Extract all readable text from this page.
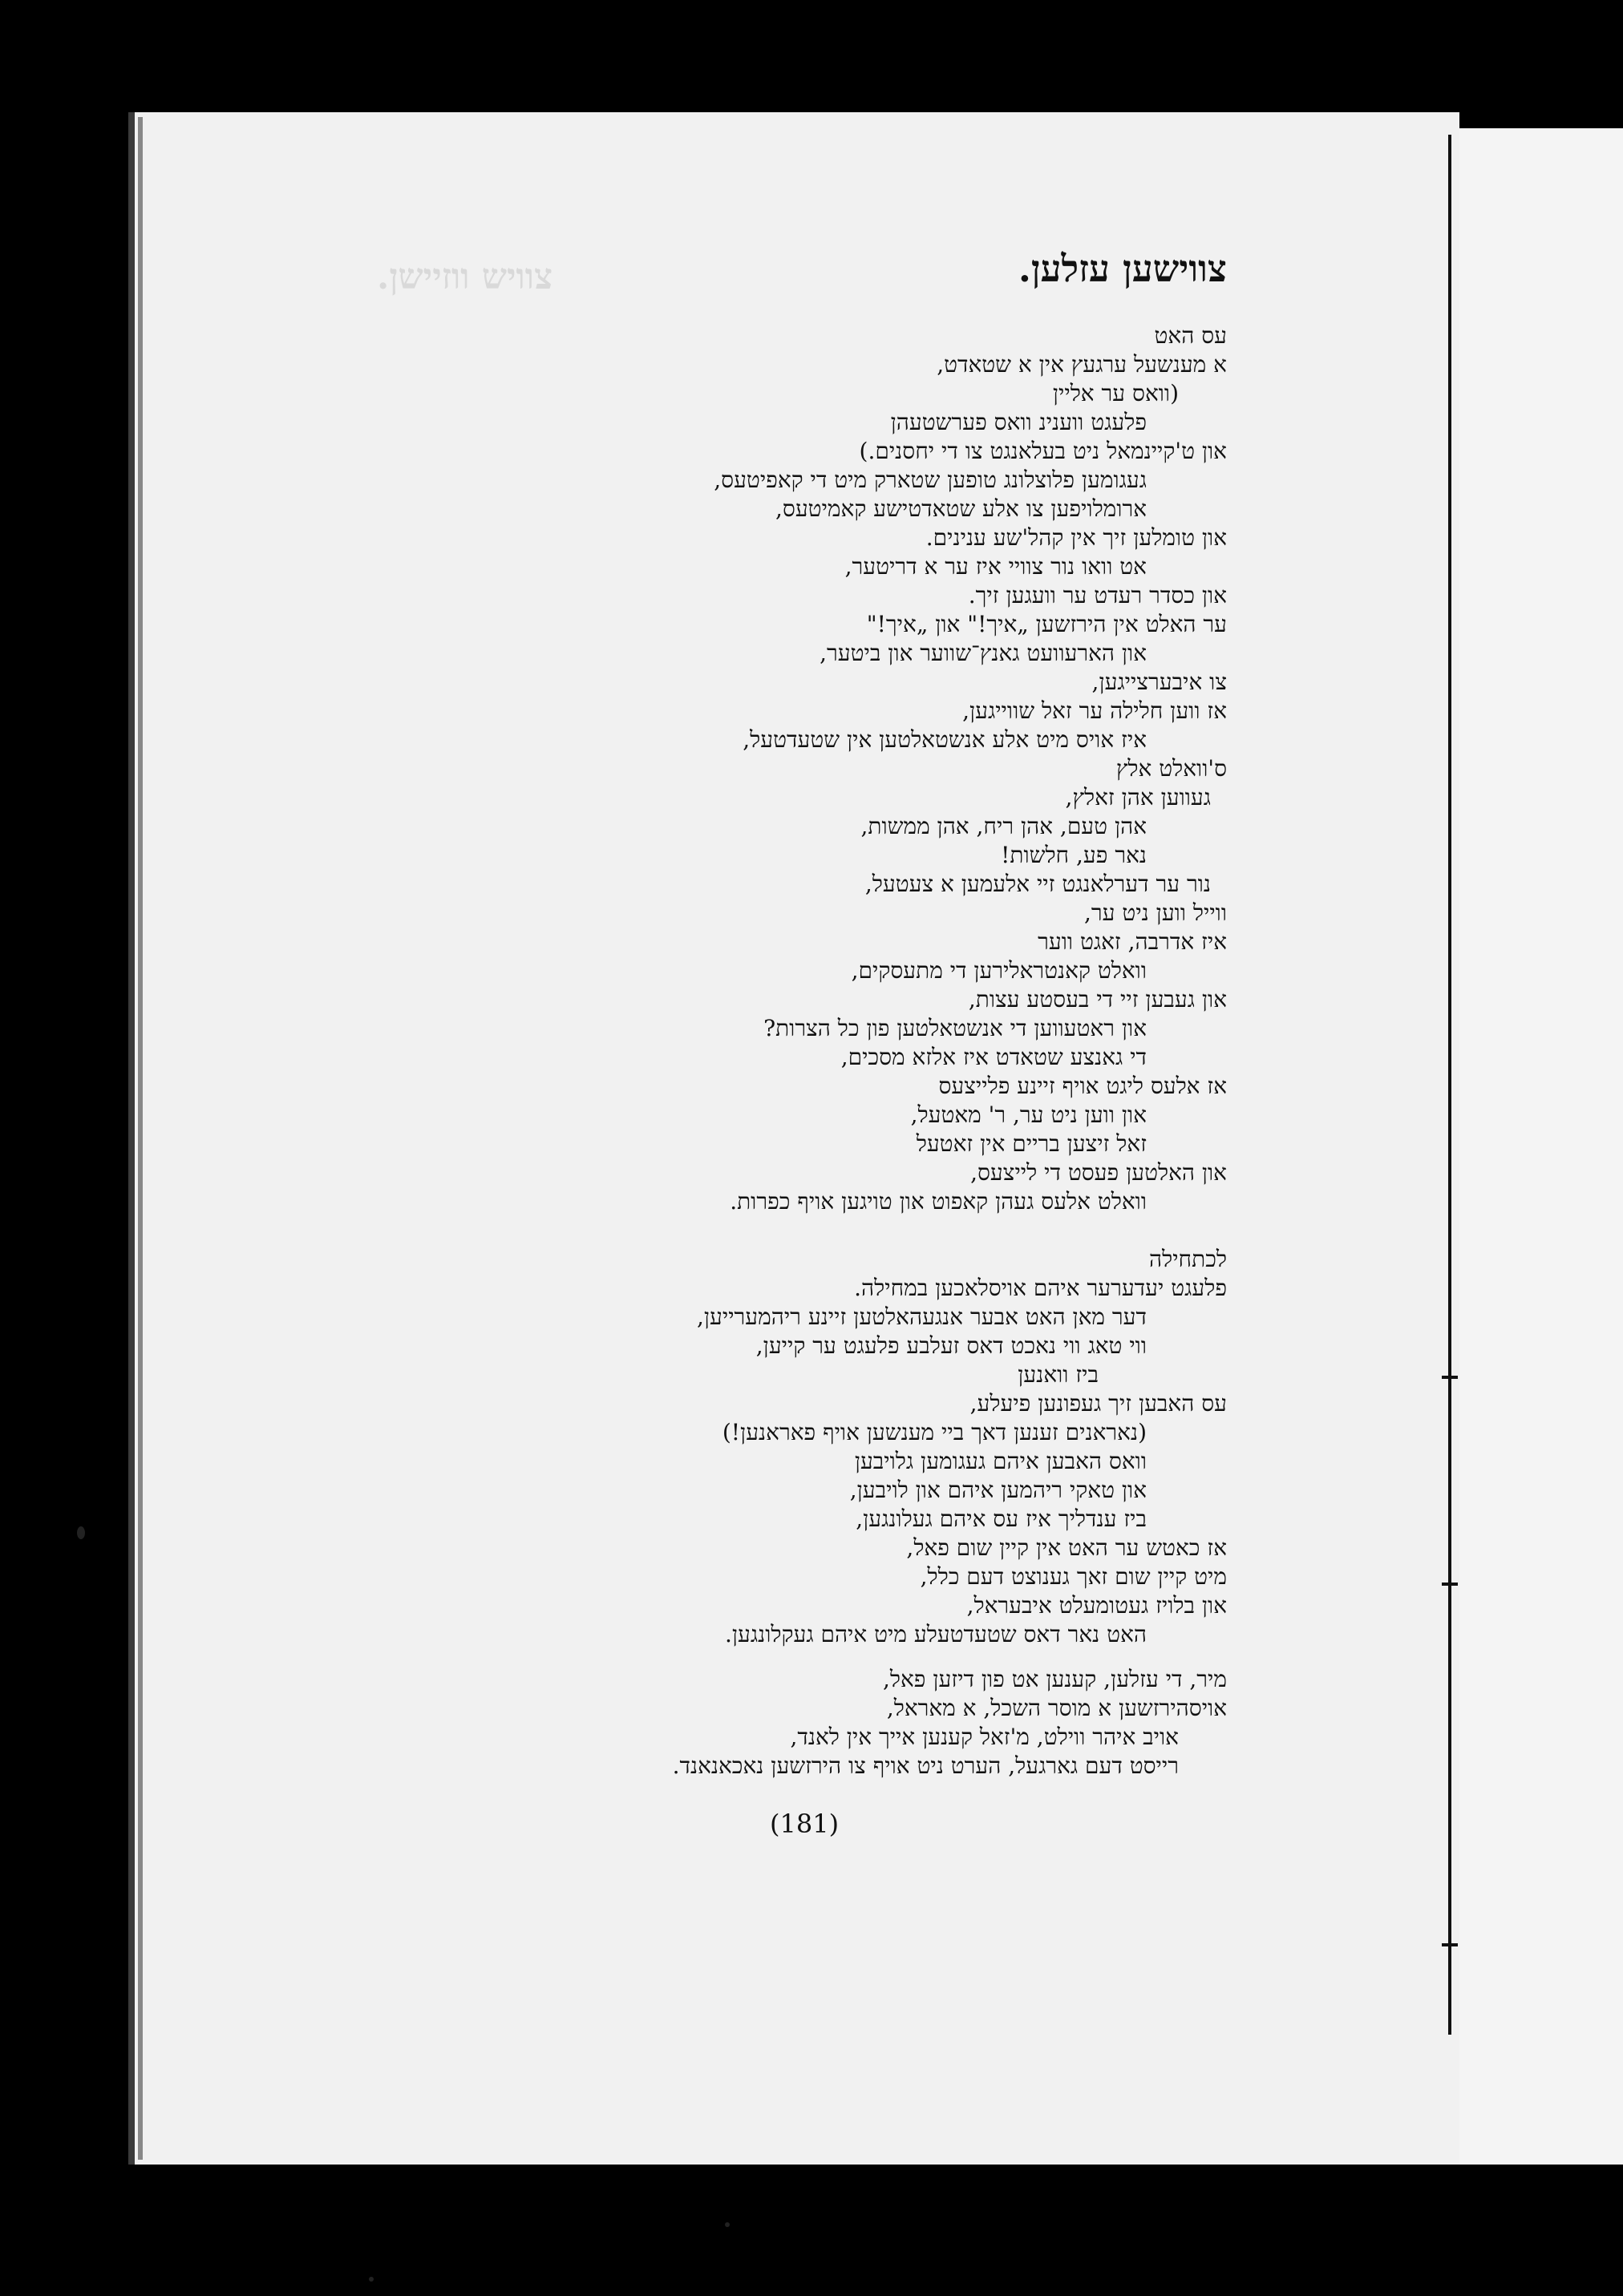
צוויש ווזיישן.	צווישען עזלען.
עס האט
א מענשעל ערגעץ אין א שטאדט,
(וואס ער אליין
פלעגט ווענינ וואס פערשטעהן
און ט'קיינמאל ניט בעלאנגט צו די יחסנים.)
געגומען פלוצלונג טופען שטארק מיט די קאפיטעס,
ארומלויפען צו אלע שטאדטישע קאמיטעס,
און טומלען זיך אין קהל'שע ענינים.
אט וואו נור צוויי איז ער א דריטער,
און כסדר רעדט ער וועגען זיך.
ער האלט אין הירזשען „איך!" און „איך!"
און הארעוועט גאנץ־שווער און ביטער,
צו איבערצייגען,
אז ווען חלילה ער זאל שווייגען,
איז אויס מיט אלע אנשטאלטען אין שטעדטעל,
ס'וואלט אלץ
געווען אהן זאלץ,
אהן טעם, אהן ריח, אהן ממשות,
נאר פע, חלשות!
נור ער דערלאנגט זיי אלעמען א צעטעל,
ווייל ווען ניט ער,
איז אדרבה, זאגט ווער
וואלט קאנטראלירען די מתעסקים,
און געבען זיי די בעסטע עצות,
און ראטעווען די אנשטאלטען פון כל הצרות?
די גאנצע שטאדט איז אלזא מסכים,
אז אלעס ליגט אויף זיינע פלייצעס
און ווען ניט ער, ר' מאטעל,
זאל זיצען בריים אין זאטעל
און האלטען פעסט די לייצעס,
וואלט אלעס געהן קאפוט און טויגען אויף כפרות.
לכתחילה
פלעגט יעדערער איהם אויסלאכען במחילה.
דער מאן האט אבער אנגעהאלטען זיינע ריהמערייען,
ווי טאג ווי נאכט דאס זעלבע פלעגט ער קייען,
ביז וואנען
עס האבען זיך געפונען פיעלע,
(נאראנים זענען דאך ביי מענשען אויף פאראנען!)
וואס האבען איהם געגומען גלויבען
און טאקי ריהמען איהם און לויבען,
ביז ענדליך איז עס איהם געלונגען,
אז כאטש ער האט אין קיין שום פאל,
מיט קיין שום זאך גענוצט דעם כלל,
און בלויז געטומעלט איבעראל,
האט נאר דאס שטעדטעלע מיט איהם געקלונגען.
מיר, די עזלען, קענען אט פון דיזען פאל,
אויסהירזשען א מוסר השכל, א מאראל,
אויב איהר ווילט, מ'זאל קענען אייך אין לאנד,
רייסט דעם גארגעל, הערט ניט אויף צו הירזשען נאכאנאנד.
(181)
